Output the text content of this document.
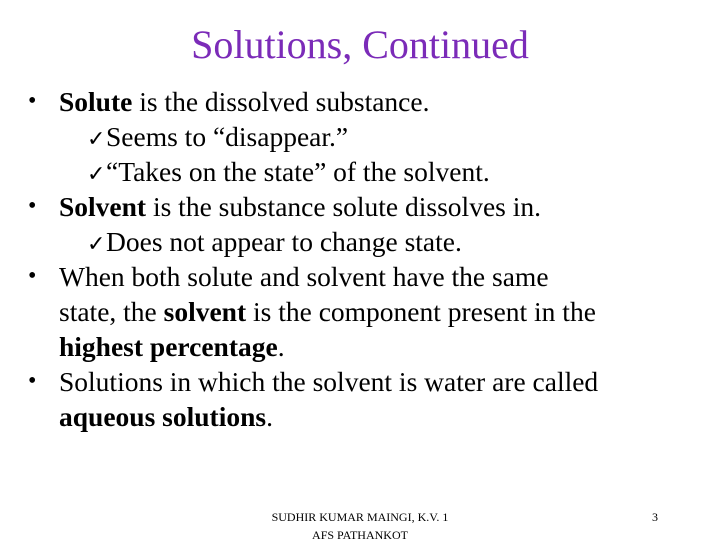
Solutions, Continued
• Solute is the dissolved substance.
✓Seems to “disappear.”
✓“Takes on the state” of the solvent.
• Solvent is the substance solute dissolves in.
✓Does not appear to change state.
• When both solute and solvent have the same
state, the solvent is the component present in the
highest percentage.
• Solutions in which the solvent is water are called
aqueous solutions.
SUDHIR KUMAR MAINGI, K.V. 1
AFS PATHANKOT
3
